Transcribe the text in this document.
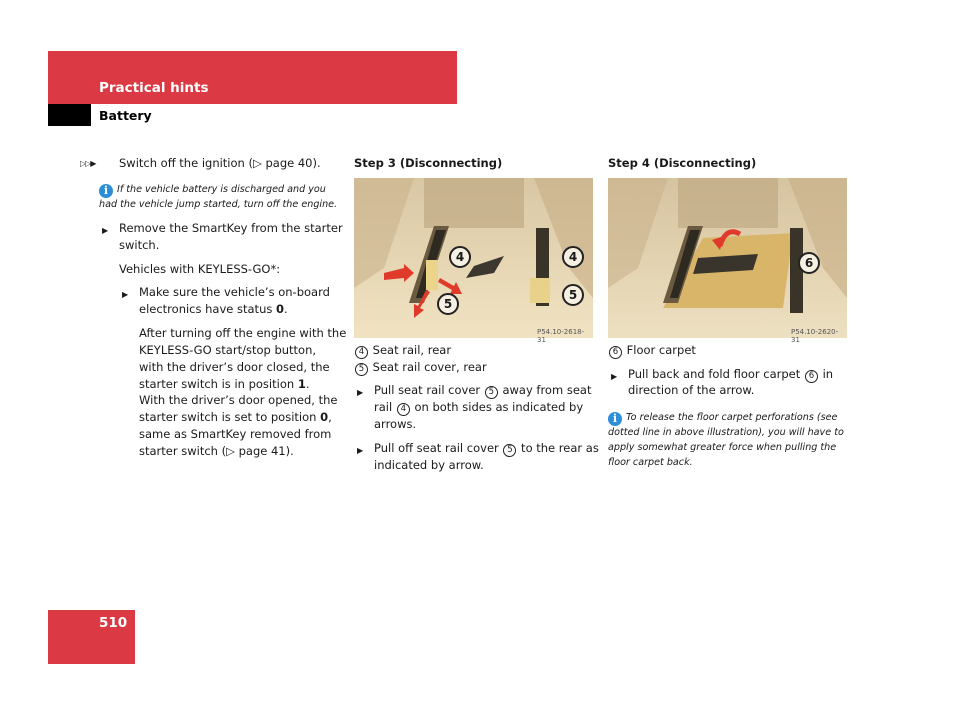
Practical hints
Battery
▷▷▶ Switch off the ignition (▷ page 40).
i If the vehicle battery is discharged and you
had the vehicle jump started, turn off the engine.
▶ Remove the SmartKey from the starter
switch.
Vehicles with KEYLESS-GO*:
▶ Make sure the vehicle’s on-board
electronics have status 0.
After turning off the engine with the
KEYLESS-GO start/stop button,
with the driver’s door closed, the
starter switch is in position 1.
With the driver’s door opened, the
starter switch is set to position 0,
same as SmartKey removed from
starter switch (▷ page 41).
Step 3 (Disconnecting)
4
5
4
5
P54.10-2618-31
4 Seat rail, rear
5 Seat rail cover, rear
▶ Pull seat rail cover 5 away from seat
rail 4 on both sides as indicated by
arrows.
▶ Pull off seat rail cover 5 to the rear as
indicated by arrow.
Step 4 (Disconnecting)
6
P54.10-2620-31
6 Floor carpet
▶ Pull back and fold floor carpet 6 in
direction of the arrow.
i To release the floor carpet perforations (see
dotted line in above illustration), you will have to
apply somewhat greater force when pulling the
floor carpet back.
510
